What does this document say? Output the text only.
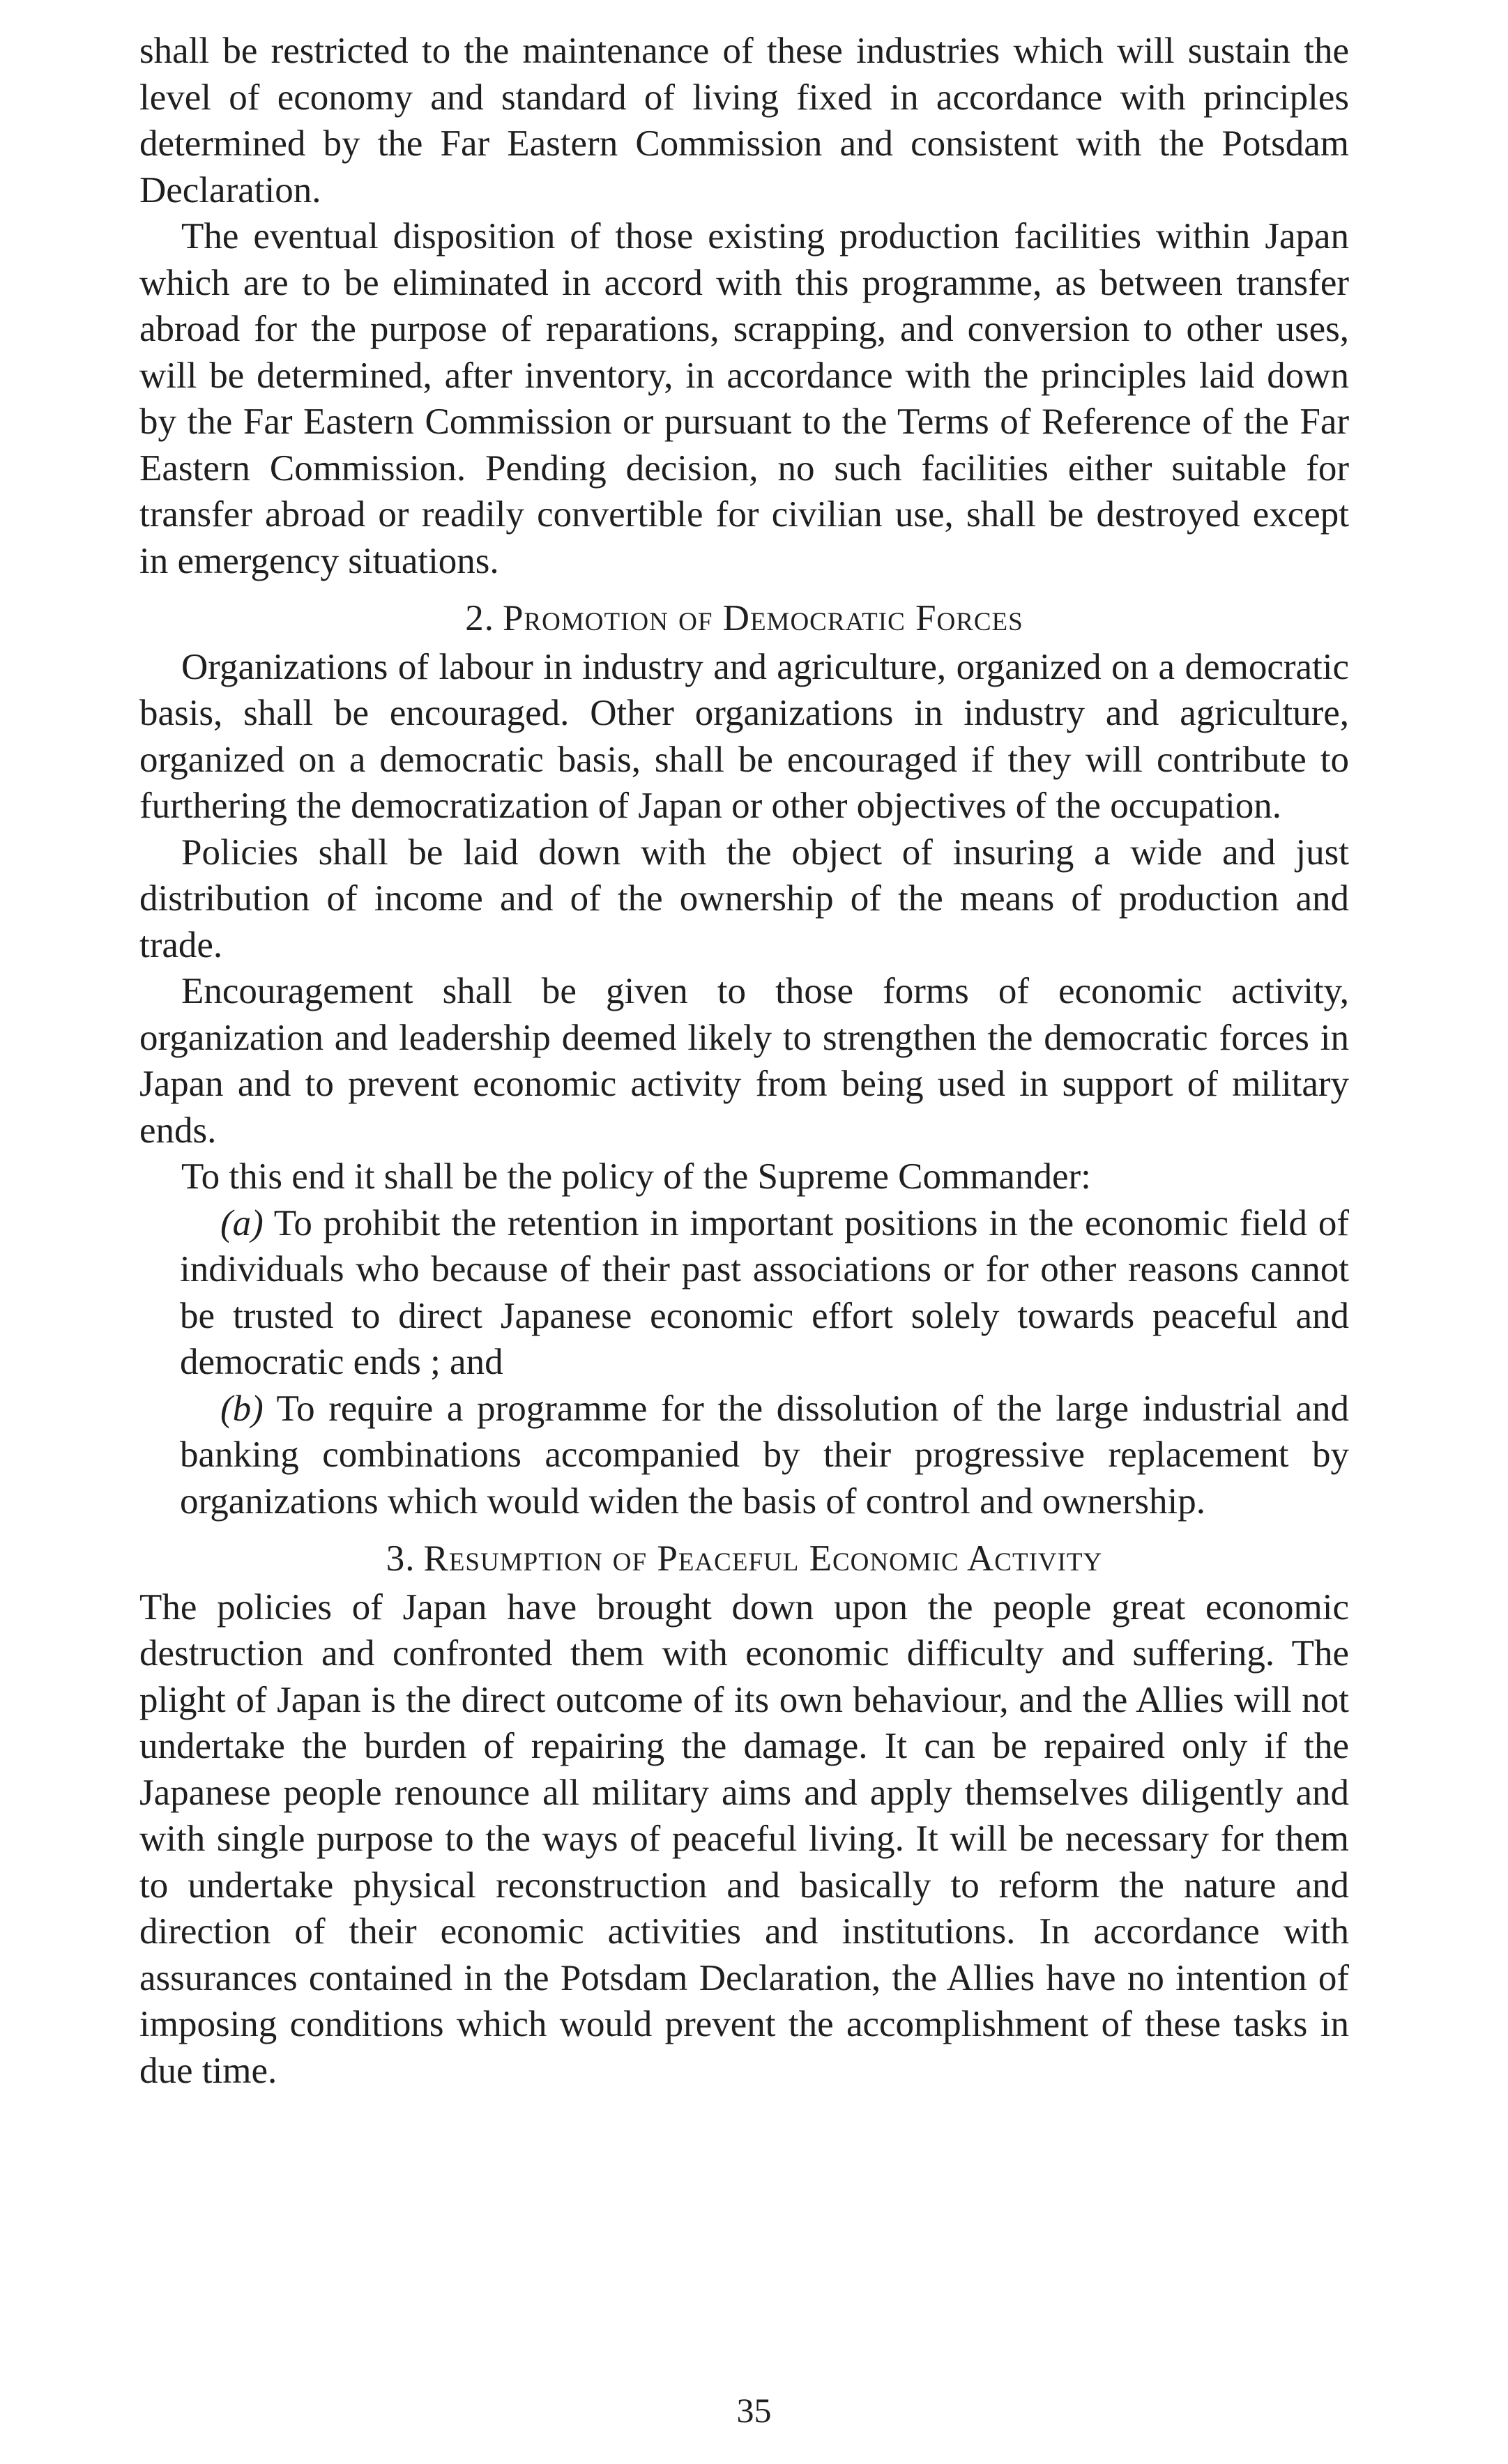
shall be restricted to the maintenance of these industries which will sustain the level of economy and standard of living fixed in accordance with principles determined by the Far Eastern Commission and consistent with the Potsdam Declaration.

The eventual disposition of those existing production facilities within Japan which are to be eliminated in accord with this programme, as between transfer abroad for the purpose of reparations, scrapping, and conversion to other uses, will be determined, after inventory, in accordance with the principles laid down by the Far Eastern Commission or pursuant to the Terms of Reference of the Far Eastern Commission. Pending decision, no such facilities either suitable for transfer abroad or readily convertible for civilian use, shall be destroyed except in emergency situations.

2. Promotion of Democratic Forces

Organizations of labour in industry and agriculture, organized on a democratic basis, shall be encouraged. Other organizations in industry and agriculture, organized on a democratic basis, shall be encouraged if they will contribute to furthering the democratization of Japan or other objectives of the occupation.

Policies shall be laid down with the object of insuring a wide and just distribution of income and of the ownership of the means of production and trade.

Encouragement shall be given to those forms of economic activity, organization and leadership deemed likely to strengthen the democratic forces in Japan and to prevent economic activity from being used in support of military ends.

To this end it shall be the policy of the Supreme Commander:

(a) To prohibit the retention in important positions in the economic field of individuals who because of their past associations or for other reasons cannot be trusted to direct Japanese economic effort solely towards peaceful and democratic ends ; and

(b) To require a programme for the dissolution of the large industrial and banking combinations accompanied by their progressive replacement by organizations which would widen the basis of control and ownership.

3. Resumption of Peaceful Economic Activity

The policies of Japan have brought down upon the people great economic destruction and confronted them with economic difficulty and suffering. The plight of Japan is the direct outcome of its own behaviour, and the Allies will not undertake the burden of repairing the damage. It can be repaired only if the Japanese people renounce all military aims and apply themselves diligently and with single purpose to the ways of peaceful living. It will be necessary for them to undertake physical reconstruction and basically to reform the nature and direction of their economic activities and institutions. In accordance with assurances contained in the Potsdam Declaration, the Allies have no intention of imposing conditions which would prevent the accomplishment of these tasks in due time.

35
